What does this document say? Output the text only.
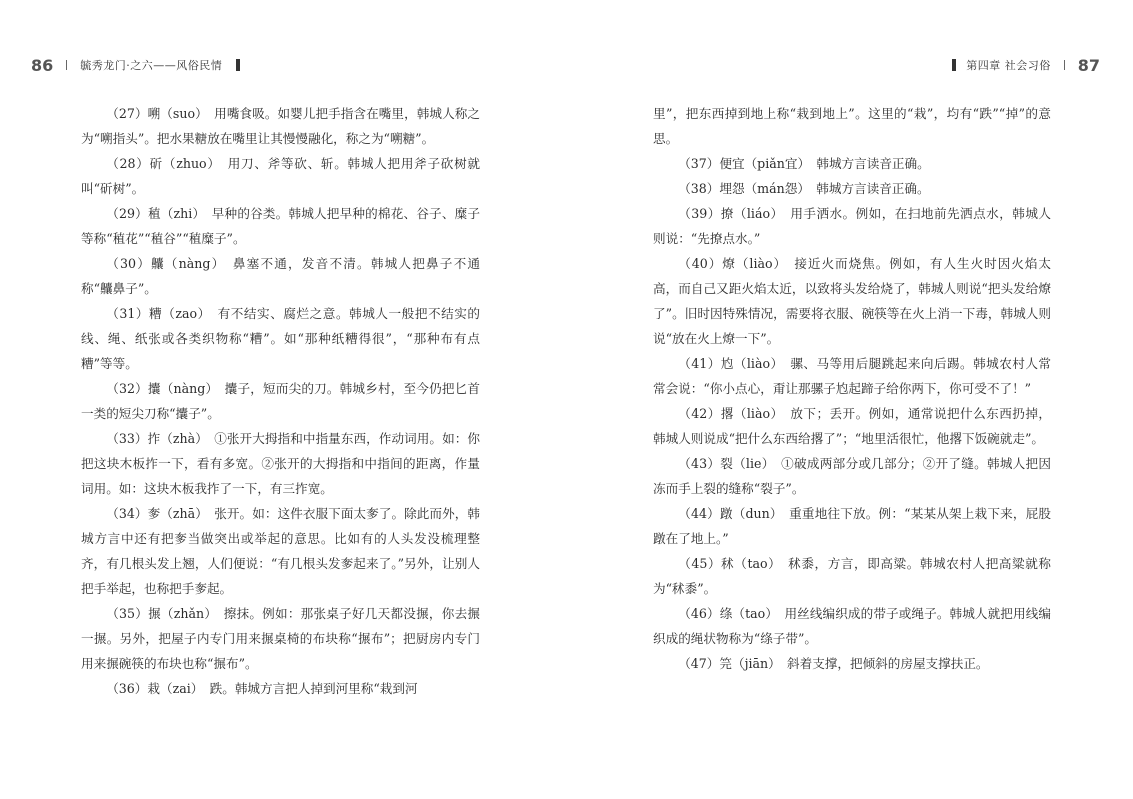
86 毓秀龙门·之六——风俗民情

（27）嗍（suo）　用嘴食吸。如婴儿把手指含在嘴里，韩城人称之为“嗍指头”。把水果糖放在嘴里让其慢慢融化，称之为“嗍糖”。

（28）斫（zhuo）　用刀、斧等砍、斩。韩城人把用斧子砍树就叫“斫树”。

（29）稙（zhi）　早种的谷类。韩城人把早种的棉花、谷子、糜子等称“稙花”“稙谷”“稙糜子”。

（30）齉（nàng）　鼻塞不通，发音不清。韩城人把鼻子不通称“齉鼻子”。

（31）糟（zao）　有不结实、腐烂之意。韩城人一般把不结实的线、绳、纸张或各类织物称“糟”。如“那种纸糟得很”，“那种布有点糟”等等。

（32）攮（nàng）　攮子，短而尖的刀。韩城乡村，至今仍把匕首一类的短尖刀称“攮子”。

（33）拃（zhà）　①张开大拇指和中指量东西，作动词用。如：你把这块木板拃一下，看有多宽。②张开的大拇指和中指间的距离，作量词用。如：这块木板我拃了一下，有三拃宽。

（34）奓（zhā）　张开。如：这件衣服下面太奓了。除此而外，韩城方言中还有把奓当做突出或举起的意思。比如有的人头发没梳理整齐，有几根头发上翘，人们便说：“有几根头发奓起来了。”另外，让别人把手举起，也称把手奓起。

（35）搌（zhǎn）　擦抹。例如：那张桌子好几天都没搌，你去搌一搌。另外，把屋子内专门用来搌桌椅的布块称“搌布”；把厨房内专门用来搌碗筷的布块也称“搌布”。

（36）栽（zai）　跌。韩城方言把人掉到河里称“栽到河

第四章 社会习俗 87

里”，把东西掉到地上称“栽到地上”。这里的“栽”，均有“跌”“掉”的意思。

（37）便宜（piǎn宜）　韩城方言读音正确。

（38）埋怨（mán怨）　韩城方言读音正确。

（39）撩（liáo）　用手洒水。例如，在扫地前先洒点水，韩城人则说：“先撩点水。”

（40）燎（liào）　接近火而烧焦。例如，有人生火时因火焰太高，而自己又距火焰太近，以致将头发给烧了，韩城人则说“把头发给燎了”。旧时因特殊情况，需要将衣服、碗筷等在火上消一下毒，韩城人则说“放在火上燎一下”。

（41）尥（liào）　骡、马等用后腿跳起来向后踢。韩城农村人常常会说：“你小点心，甭让那骡子尥起蹄子给你两下，你可受不了！”

（42）撂（liào）　放下；丢开。例如，通常说把什么东西扔掉，韩城人则说成“把什么东西给撂了”；“地里活很忙，他撂下饭碗就走”。

（43）裂（lie）　①破成两部分或几部分；②开了缝。韩城人把因冻而手上裂的缝称“裂子”。

（44）蹾（dun）　重重地往下放。例：“某某从架上栽下来，屁股蹾在了地上。”

（45）秫（tao）　秫黍，方言，即高粱。韩城农村人把高粱就称为“秫黍”。

（46）绦（tao）　用丝线编织成的带子或绳子。韩城人就把用线编织成的绳状物称为“绦子带”。

（47）笎（jiān）　斜着支撑，把倾斜的房屋支撑扶正。
